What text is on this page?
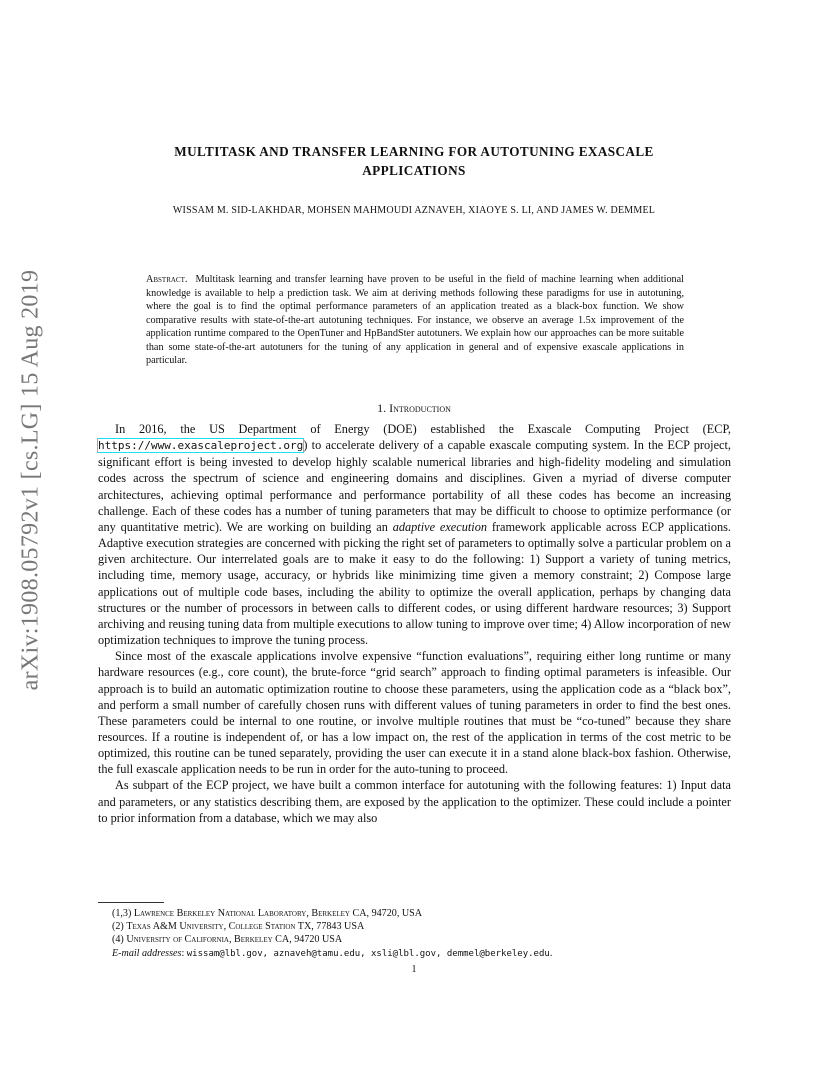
arXiv:1908.05792v1 [cs.LG] 15 Aug 2019
MULTITASK AND TRANSFER LEARNING FOR AUTOTUNING EXASCALE
APPLICATIONS
WISSAM M. SID-LAKHDAR, MOHSEN MAHMOUDI AZNAVEH, XIAOYE S. LI, AND JAMES W. DEMMEL
Abstract. Multitask learning and transfer learning have proven to be useful in the field of machine learning when additional knowledge is available to help a prediction task. We aim at deriving methods following these paradigms for use in autotuning, where the goal is to find the optimal performance parameters of an application treated as a black-box function. We show comparative results with state-of-the-art autotuning techniques. For instance, we observe an average 1.5x improvement of the application runtime compared to the OpenTuner and HpBandSter autotuners. We explain how our approaches can be more suitable than some state-of-the-art autotuners for the tuning of any application in general and of expensive exascale applications in particular.
1. Introduction

In 2016, the US Department of Energy (DOE) established the Exascale Computing Project (ECP, https://www.exascaleproject.org) to accelerate delivery of a capable exascale computing system. In the ECP project, significant effort is being invested to develop highly scalable numerical libraries and high-fidelity modeling and simulation codes across the spectrum of science and engineering domains and disciplines. Given a myriad of diverse computer architectures, achieving optimal performance and performance portability of all these codes has become an increasing challenge. Each of these codes has a number of tuning parameters that may be difficult to choose to optimize performance (or any quantitative metric). We are working on building an adaptive execution framework applicable across ECP applications. Adaptive execution strategies are concerned with picking the right set of parameters to optimally solve a particular problem on a given architecture. Our interrelated goals are to make it easy to do the following: 1) Support a variety of tuning metrics, including time, memory usage, accuracy, or hybrids like minimizing time given a memory constraint; 2) Compose large applications out of multiple code bases, including the ability to optimize the overall application, perhaps by changing data structures or the number of processors in between calls to different codes, or using different hardware resources; 3) Support archiving and reusing tuning data from multiple executions to allow tuning to improve over time; 4) Allow incorporation of new optimization techniques to improve the tuning process.

Since most of the exascale applications involve expensive “function evaluations”, requiring either long runtime or many hardware resources (e.g., core count), the brute-force “grid search” approach to finding optimal parameters is infeasible. Our approach is to build an automatic optimization routine to choose these parameters, using the application code as a “black box”, and perform a small number of carefully chosen runs with different values of tuning parameters in order to find the best ones. These parameters could be internal to one routine, or involve multiple routines that must be “co-tuned” because they share resources. If a routine is independent of, or has a low impact on, the rest of the application in terms of the cost metric to be optimized, this routine can be tuned separately, providing the user can execute it in a stand alone black-box fashion. Otherwise, the full exascale application needs to be run in order for the auto-tuning to proceed.

As subpart of the ECP project, we have built a common interface for autotuning with the following features: 1) Input data and parameters, or any statistics describing them, are exposed by the application to the optimizer. These could include a pointer to prior information from a database, which we may also

(1,3) Lawrence Berkeley National Laboratory, Berkeley CA, 94720, USA
(2) Texas A&M University, College Station TX, 77843 USA
(4) University of California, Berkeley CA, 94720 USA
E-mail addresses: wissam@lbl.gov, aznaveh@tamu.edu, xsli@lbl.gov, demmel@berkeley.edu.
1
